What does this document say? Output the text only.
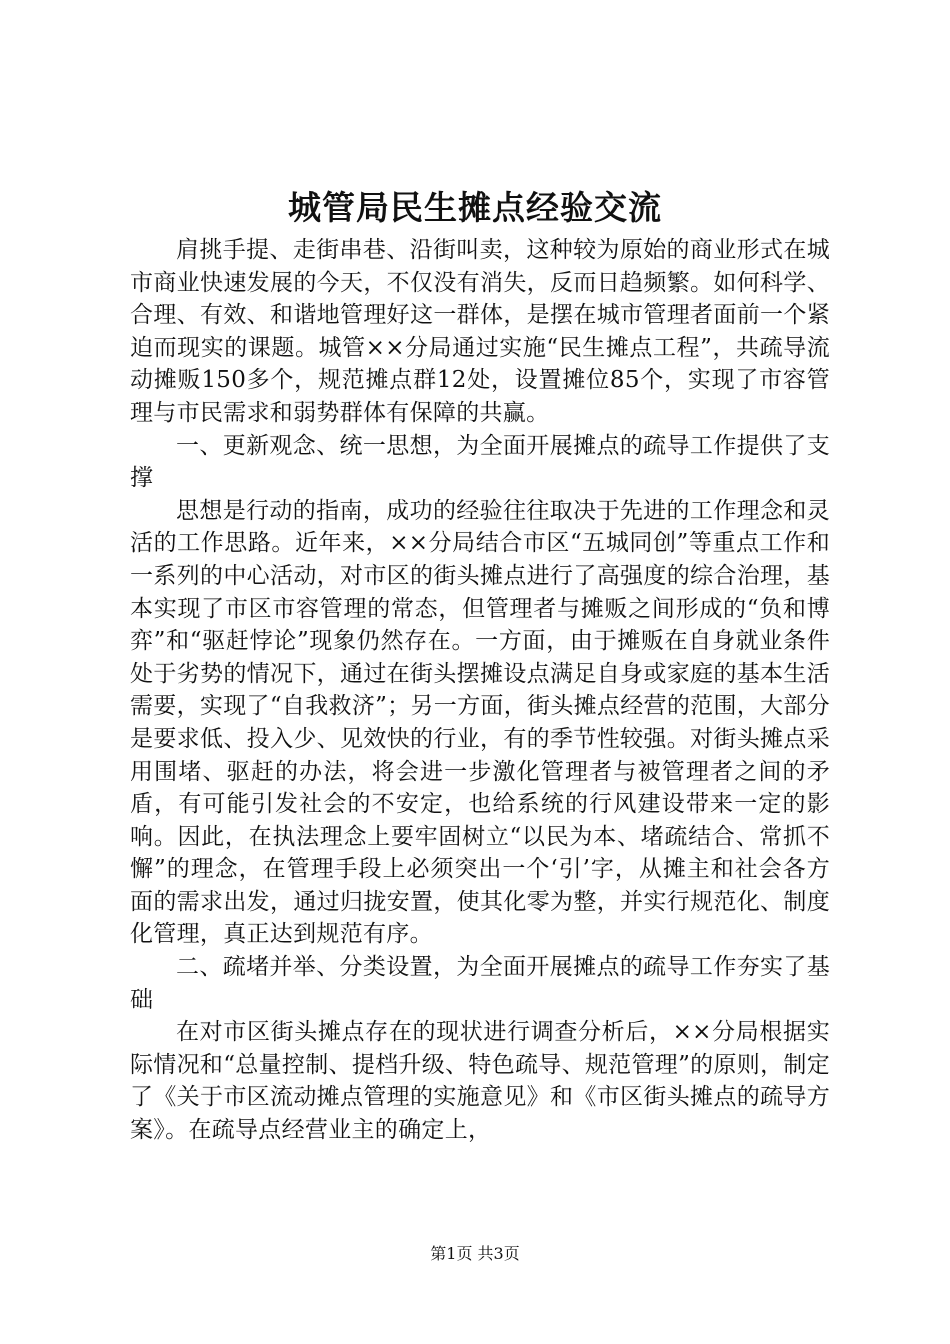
城管局民生摊点经验交流

肩挑手提、走街串巷、沿街叫卖，这种较为原始的商业形式在城市商业快速发展的今天，不仅没有消失，反而日趋频繁。如何科学、合理、有效、和谐地管理好这一群体，是摆在城市管理者面前一个紧迫而现实的课题。城管××分局通过实施“民生摊点工程”，共疏导流动摊贩150多个，规范摊点群12处，设置摊位85个，实现了市容管理与市民需求和弱势群体有保障的共赢。

一、更新观念、统一思想，为全面开展摊点的疏导工作提供了支撑

思想是行动的指南，成功的经验往往取决于先进的工作理念和灵活的工作思路。近年来，××分局结合市区“五城同创”等重点工作和一系列的中心活动，对市区的街头摊点进行了高强度的综合治理，基本实现了市区市容管理的常态，但管理者与摊贩之间形成的“负和博弈”和“驱赶悖论”现象仍然存在。一方面，由于摊贩在自身就业条件处于劣势的情况下，通过在街头摆摊设点满足自身或家庭的基本生活需要，实现了“自我救济”；另一方面，街头摊点经营的范围，大部分是要求低、投入少、见效快的行业，有的季节性较强。对街头摊点采用围堵、驱赶的办法，将会进一步激化管理者与被管理者之间的矛盾，有可能引发社会的不安定，也给系统的行风建设带来一定的影响。因此，在执法理念上要牢固树立“以民为本、堵疏结合、常抓不懈”的理念，在管理手段上必须突出一个‘引’字，从摊主和社会各方面的需求出发，通过归拢安置，使其化零为整，并实行规范化、制度化管理，真正达到规范有序。

二、疏堵并举、分类设置，为全面开展摊点的疏导工作夯实了基础

在对市区街头摊点存在的现状进行调查分析后，××分局根据实际情况和“总量控制、提档升级、特色疏导、规范管理”的原则，制定了《关于市区流动摊点管理的实施意见》和《市区街头摊点的疏导方案》。在疏导点经营业主的确定上，

第1页 共3页
